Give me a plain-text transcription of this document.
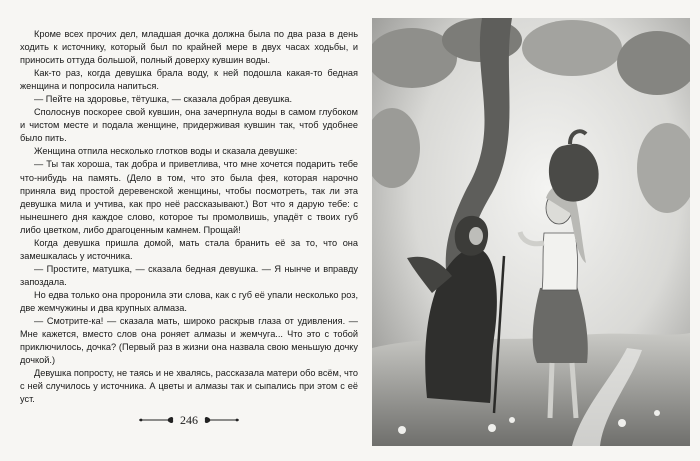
Кроме всех прочих дел, младшая дочка должна была по два раза в день ходить к источнику, который был по крайней мере в двух часах ходьбы, и приносить оттуда большой, полный доверху кувшин воды.

Как-то раз, когда девушка брала воду, к ней подошла какая-то бедная женщина и попросила напиться.

— Пейте на здоровье, тётушка, — сказала добрая девушка.

Сполоснув поскорее свой кувшин, она зачерпнула воды в самом глубоком и чистом месте и подала женщине, придерживая кувшин так, чтоб удобнее было пить.

Женщина отпила несколько глотков воды и сказала девушке:

— Ты так хороша, так добра и приветлива, что мне хочется подарить тебе что-нибудь на память. (Дело в том, что это была фея, которая нарочно приняла вид простой деревенской женщины, чтобы посмотреть, так ли эта девушка мила и учтива, как про неё рассказывают.) Вот что я дарую тебе: с нынешнего дня каждое слово, которое ты промолвишь, упадёт с твоих губ либо цветком, либо драгоценным камнем. Прощай!

Когда девушка пришла домой, мать стала бранить её за то, что она замешкалась у источника.

— Простите, матушка, — сказала бедная девушка. — Я нынче и вправду запоздала.

Но едва только она проронила эти слова, как с губ её упали несколько роз, две жемчужины и два крупных алмаза.

— Смотрите-ка! — сказала мать, широко раскрыв глаза от удивления. — Мне кажется, вместо слов она роняет алмазы и жемчуга... Что это с тобой приключилось, дочка? (Первый раз в жизни она назвала свою меньшую дочку дочкой.)

Девушка попросту, не таясь и не хвалясь, рассказала матери обо всём, что с ней случилось у источника. А цветы и алмазы так и сыпались при этом с её уст.

246
